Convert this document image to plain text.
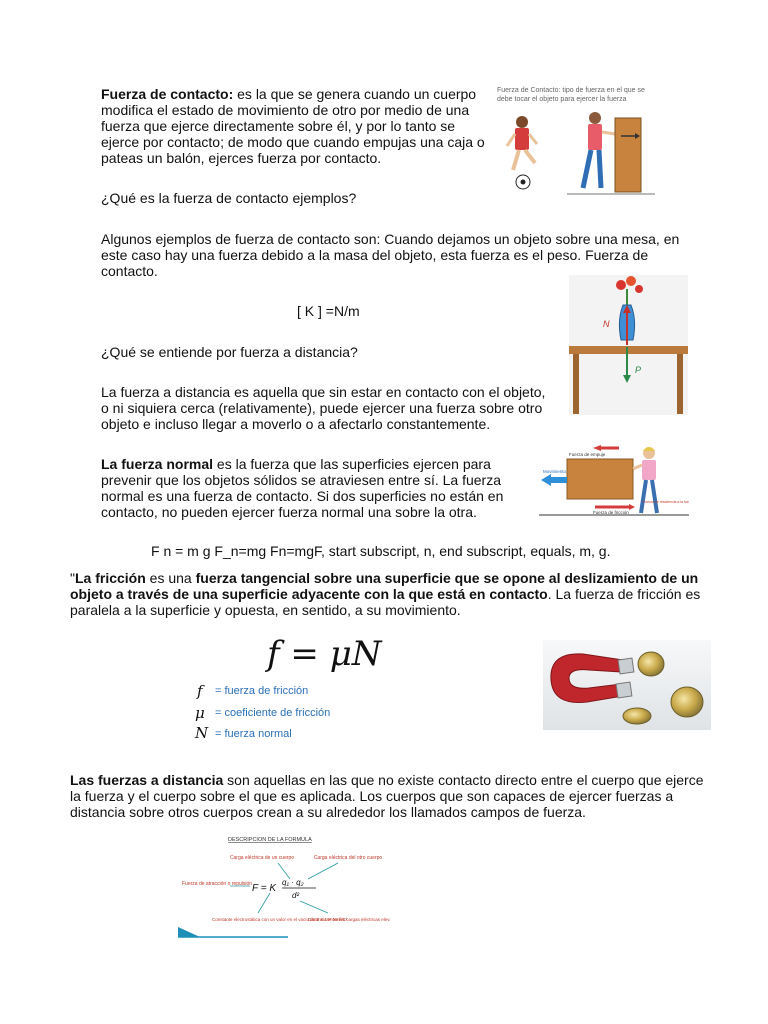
Fuerza de contacto: es la que se genera cuando un cuerpo modifica el estado de movimiento de otro por medio de una fuerza que ejerce directamente sobre él, y por lo tanto se ejerce por contacto; de modo que cuando empujas una caja o pateas un balón, ejerces fuerza por contacto.

Fuerza de Contacto: tipo de fuerza en el que se debe tocar el objeto para ejercer la fuerza

¿Qué es la fuerza de contacto ejemplos?

Algunos ejemplos de fuerza de contacto son: Cuando dejamos un objeto sobre una mesa, en este caso hay una fuerza debido a la masa del objeto, esta fuerza es el peso. Fuerza de contacto.

[ K ] =N/m

N
P

¿Qué se entiende por fuerza a distancia?

La fuerza a distancia es aquella que sin estar en contacto con el objeto, o ni siquiera cerca (relativamente), puede ejercer una fuerza sobre otro objeto e incluso llegar a moverlo o a afectarlo constantemente.

La fuerza normal es la fuerza que las superficies ejercen para prevenir que los objetos sólidos se atraviesen entre sí. La fuerza normal es una fuerza de contacto. Si dos superficies no están en contacto, no pueden ejercer fuerza normal una sobre la otra.

Fuerza de empuje
Movimiento
Fuerza de fricción
Fuerza de resistencia a la fue

F n = m g F_n=mg Fn=mgF, start subscript, n, end subscript, equals, m, g.

"La fricción es una fuerza tangencial sobre una superficie que se opone al deslizamiento de un objeto a través de una superficie adyacente con la que está en contacto. La fuerza de fricción es paralela a la superficie y opuesta, en sentido, a su movimiento.

f = μN
f = fuerza de fricción
μ = coeficiente de fricción
N = fuerza normal

Las fuerzas a distancia son aquellas en las que no existe contacto directo entre el cuerpo que ejerce la fuerza y el cuerpo sobre el que es aplicada. Los cuerpos que son capaces de ejercer fuerzas a distancia sobre otros cuerpos crean a su alrededor los llamados campos de fuerza.

DESCRIPCION DE LA FORMULA
Carga eléctrica de un cuerpo	Carga eléctrica del otro cuerpo
Fuerza de atracción o repulsión F = K
q₁ · q₂
d²
Constante electrostática con un valor en el vacío de 9 X 10⁹ Nm²/C²
Distancia entre las cargas eléctricas elev
